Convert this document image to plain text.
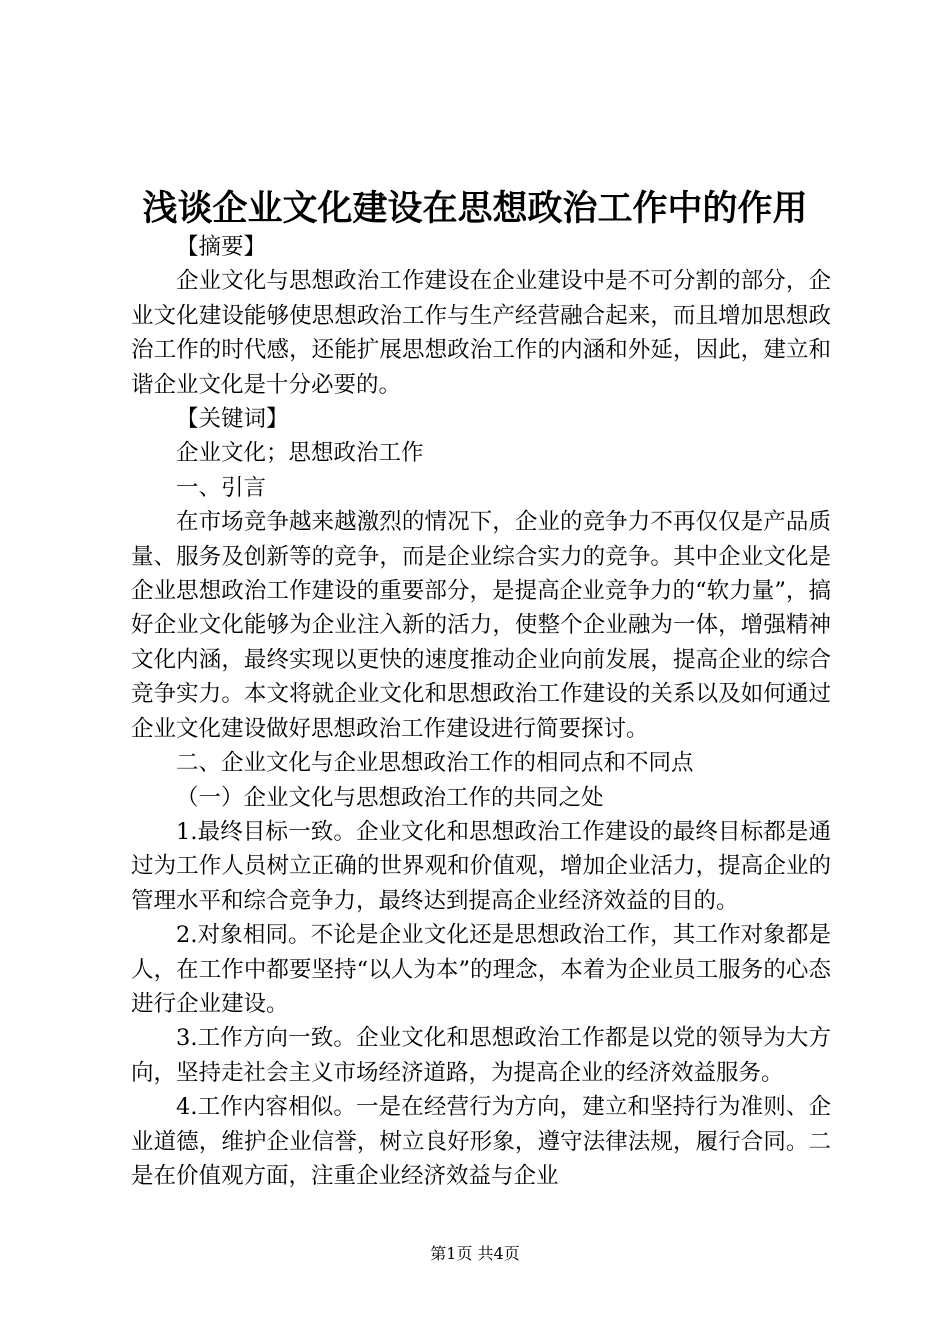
浅谈企业文化建设在思想政治工作中的作用

【摘要】

企业文化与思想政治工作建设在企业建设中是不可分割的部分，企业文化建设能够使思想政治工作与生产经营融合起来，而且增加思想政治工作的时代感，还能扩展思想政治工作的内涵和外延，因此，建立和谐企业文化是十分必要的。

【关键词】

企业文化；思想政治工作

一、引言

在市场竞争越来越激烈的情况下，企业的竞争力不再仅仅是产品质量、服务及创新等的竞争，而是企业综合实力的竞争。其中企业文化是企业思想政治工作建设的重要部分，是提高企业竞争力的“软力量”，搞好企业文化能够为企业注入新的活力，使整个企业融为一体，增强精神文化内涵，最终实现以更快的速度推动企业向前发展，提高企业的综合竞争实力。本文将就企业文化和思想政治工作建设的关系以及如何通过企业文化建设做好思想政治工作建设进行简要探讨。

二、企业文化与企业思想政治工作的相同点和不同点

（一）企业文化与思想政治工作的共同之处

1.最终目标一致。企业文化和思想政治工作建设的最终目标都是通过为工作人员树立正确的世界观和价值观，增加企业活力，提高企业的管理水平和综合竞争力，最终达到提高企业经济效益的目的。

2.对象相同。不论是企业文化还是思想政治工作，其工作对象都是人，在工作中都要坚持“以人为本”的理念，本着为企业员工服务的心态进行企业建设。

3.工作方向一致。企业文化和思想政治工作都是以党的领导为大方向，坚持走社会主义市场经济道路，为提高企业的经济效益服务。

4.工作内容相似。一是在经营行为方向，建立和坚持行为准则、企业道德，维护企业信誉，树立良好形象，遵守法律法规，履行合同。二是在价值观方面，注重企业经济效益与企业

第1页 共4页
